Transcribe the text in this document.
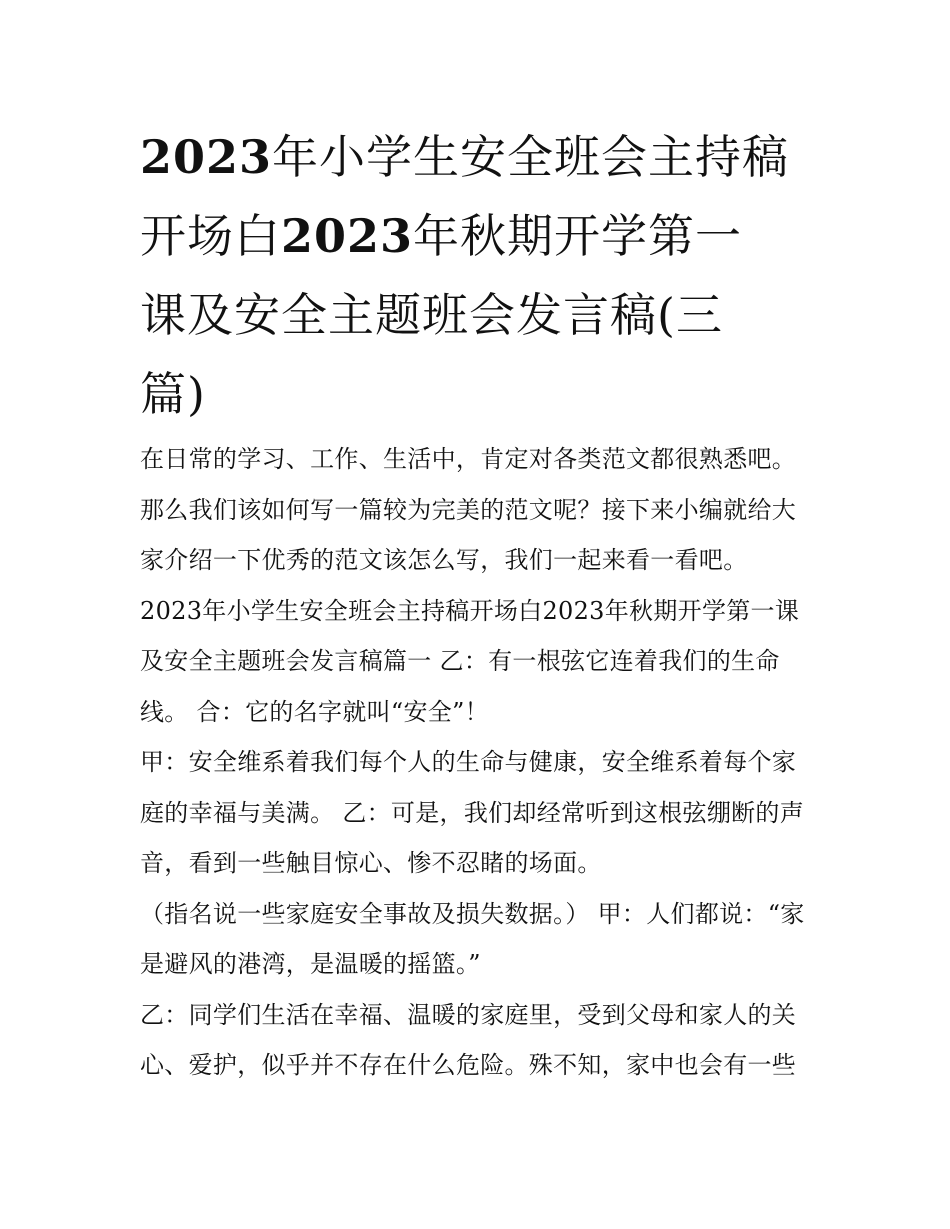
2023年小学生安全班会主持稿
开场白2023年秋期开学第一
课及安全主题班会发言稿(三
篇)

在日常的学习、工作、生活中，肯定对各类范文都很熟悉吧。那么我们该如何写一篇较为完美的范文呢？接下来小编就给大家介绍一下优秀的范文该怎么写，我们一起来看一看吧。

2023年小学生安全班会主持稿开场白2023年秋期开学第一课及安全主题班会发言稿篇一 乙：有一根弦它连着我们的生命线。 合：它的名字就叫“安全”！

甲：安全维系着我们每个人的生命与健康，安全维系着每个家庭的幸福与美满。 乙：可是，我们却经常听到这根弦绷断的声音，看到一些触目惊心、惨不忍睹的场面。

（指名说一些家庭安全事故及损失数据。） 甲：人们都说：“家是避风的港湾，是温暖的摇篮。”

乙：同学们生活在幸福、温暖的家庭里，受到父母和家人的关心、爱护，似乎并不存在什么危险。殊不知，家中也会有一些
